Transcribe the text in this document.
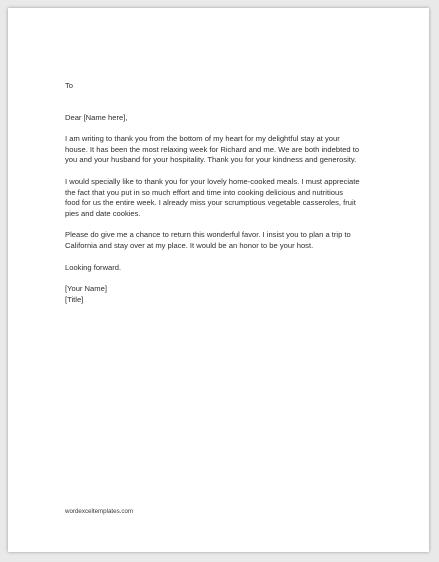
To
Dear [Name here],
I am writing to thank you from the bottom of my heart for my delightful stay at your
house. It has been the most relaxing week for Richard and me. We are both indebted to
you and your husband for your hospitality. Thank you for your kindness and generosity.
I would specially like to thank you for your lovely home-cooked meals. I must appreciate
the fact that you put in so much effort and time into cooking delicious and nutritious
food for us the entire week. I already miss your scrumptious vegetable casseroles, fruit
pies and date cookies.
Please do give me a chance to return this wonderful favor. I insist you to plan a trip to
California and stay over at my place. It would be an honor to be your host.
Looking forward.
[Your Name]
[Title]
wordexceltemplates.com
